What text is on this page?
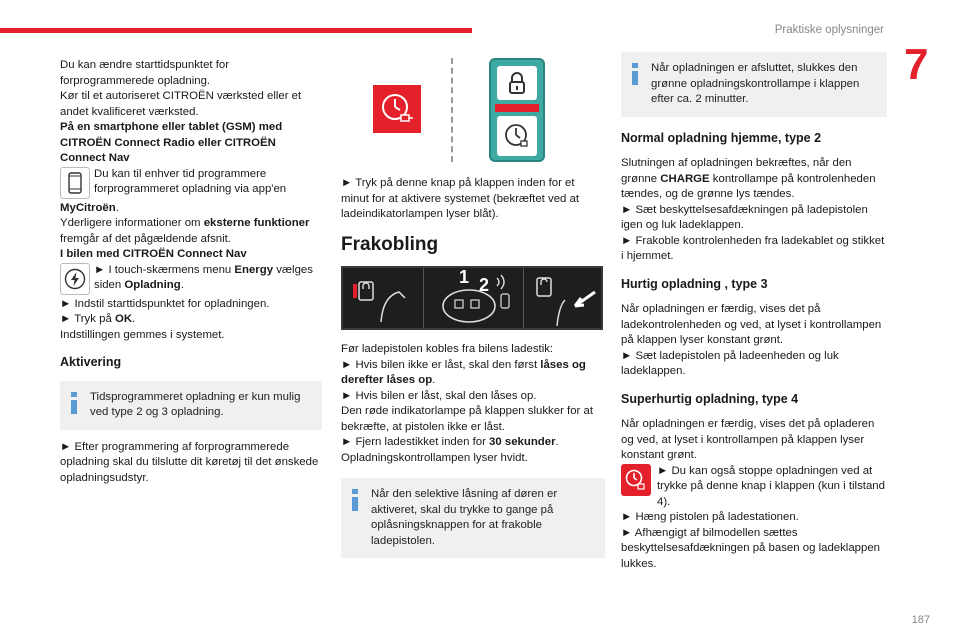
Praktiske oplysninger
7
187
Du kan ændre starttidspunktet for forprogrammerede opladning.
Kør til et autoriseret CITROËN værksted eller et andet kvalificeret værksted.
På en smartphone eller tablet (GSM) med CITROËN Connect Radio eller CITROËN Connect Nav
Du kan til enhver tid programmere forprogrammeret opladning via app'en
MyCitroën.
Yderligere informationer om eksterne funktioner fremgår af det pågældende afsnit.
I bilen med CITROËN Connect Nav
► I touch-skærmens menu Energy vælges siden Opladning.
► Indstil starttidspunktet for opladningen.
► Tryk på OK.
Indstillingen gemmes i systemet.
Aktivering
Tidsprogrammeret opladning er kun mulig ved type 2 og 3 opladning.
► Efter programmering af forprogrammerede opladning skal du tilslutte dit køretøj til det ønskede opladningsudstyr.
► Tryk på denne knap på klappen inden for et minut for at aktivere systemet (bekræftet ved at ladeindikatorlampen lyser blåt).
Frakobling
1 2
Før ladepistolen kobles fra bilens ladestik:
► Hvis bilen ikke er låst, skal den først låses og derefter låses op.
► Hvis bilen er låst, skal den låses op.
Den røde indikatorlampe på klappen slukker for at bekræfte, at pistolen ikke er låst.
► Fjern ladestikket inden for 30 sekunder.
Opladningskontrollampen lyser hvidt.
Når den selektive låsning af døren er aktiveret, skal du trykke to gange på oplåsningsknappen for at frakoble ladepistolen.
Når opladningen er afsluttet, slukkes den grønne opladningskontrollampe i klappen efter ca. 2 minutter.
Normal opladning hjemme, type 2
Slutningen af opladningen bekræftes, når den grønne CHARGE kontrollampe på kontrolenheden tændes, og de grønne lys tændes.
► Sæt beskyttelsesafdækningen på ladepistolen igen og luk ladeklappen.
► Frakoble kontrolenheden fra ladekablet og stikket i hjemmet.
Hurtig opladning , type 3
Når opladningen er færdig, vises det på ladekontrolenheden og ved, at lyset i kontrollampen på klappen lyser konstant grønt.
► Sæt ladepistolen på ladeenheden og luk ladeklappen.
Superhurtig opladning, type 4
Når opladningen er færdig, vises det på opladeren og ved, at lyset i kontrollampen på klappen lyser konstant grønt.
► Du kan også stoppe opladningen ved at trykke på denne knap i klappen (kun i tilstand 4).
► Hæng pistolen på ladestationen.
► Afhængigt af bilmodellen sættes beskyttelsesafdækningen på basen og ladeklappen lukkes.
